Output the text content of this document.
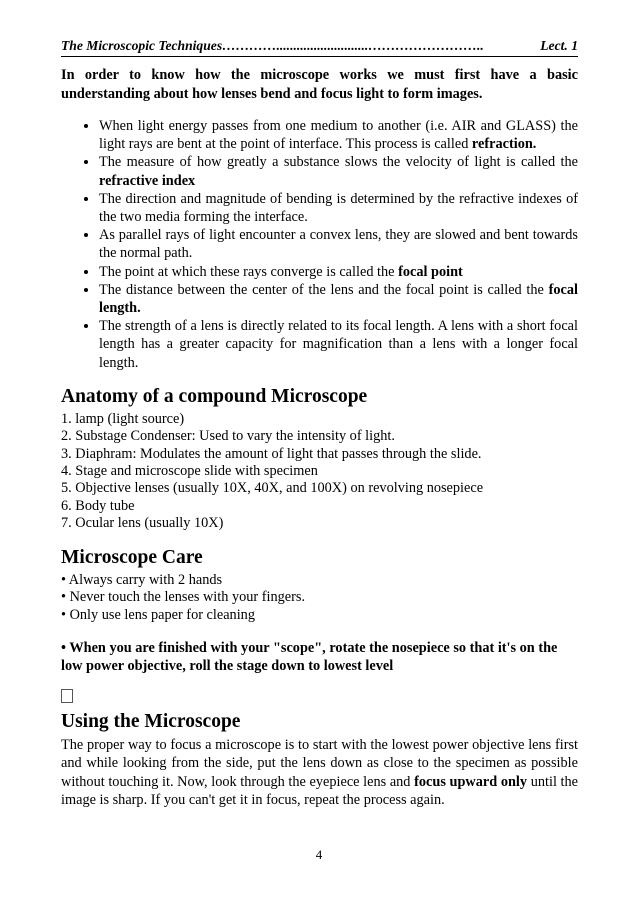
The Microscopic Techniques…………...........................……………………..	Lect. 1
In order to know how the microscope works we must first have a basic understanding about how lenses bend and focus light to form images.
• When light energy passes from one medium to another (i.e. AIR and GLASS) the light rays are bent at the point of interface. This process is called refraction.
• The measure of how greatly a substance slows the velocity of light is called the refractive index
• The direction and magnitude of bending is determined by the refractive indexes of the two media forming the interface.
• As parallel rays of light encounter a convex lens, they are slowed and bent towards the normal path.
• The point at which these rays converge is called the focal point
• The distance between the center of the lens and the focal point is called the focal length.
• The strength of a lens is directly related to its focal length. A lens with a short focal length has a greater capacity for magnification than a lens with a longer focal length.
Anatomy of a compound Microscope
1. lamp (light source)
2. Substage Condenser: Used to vary the intensity of light.
3. Diaphram: Modulates the amount of light that passes through the slide.
4. Stage and microscope slide with specimen
5. Objective lenses (usually 10X, 40X, and 100X) on revolving nosepiece
6. Body tube
7. Ocular lens (usually 10X)
Microscope Care
• Always carry with 2 hands
• Never touch the lenses with your fingers.
• Only use lens paper for cleaning
• When you are finished with your "scope", rotate the nosepiece so that it's on the low power objective, roll the stage down to lowest level
Using the Microscope
The proper way to focus a microscope is to start with the lowest power objective lens first and while looking from the side, put the lens down as close to the specimen as possible without touching it. Now, look through the eyepiece lens and focus upward only until the image is sharp. If you can't get it in focus, repeat the process again.
4
